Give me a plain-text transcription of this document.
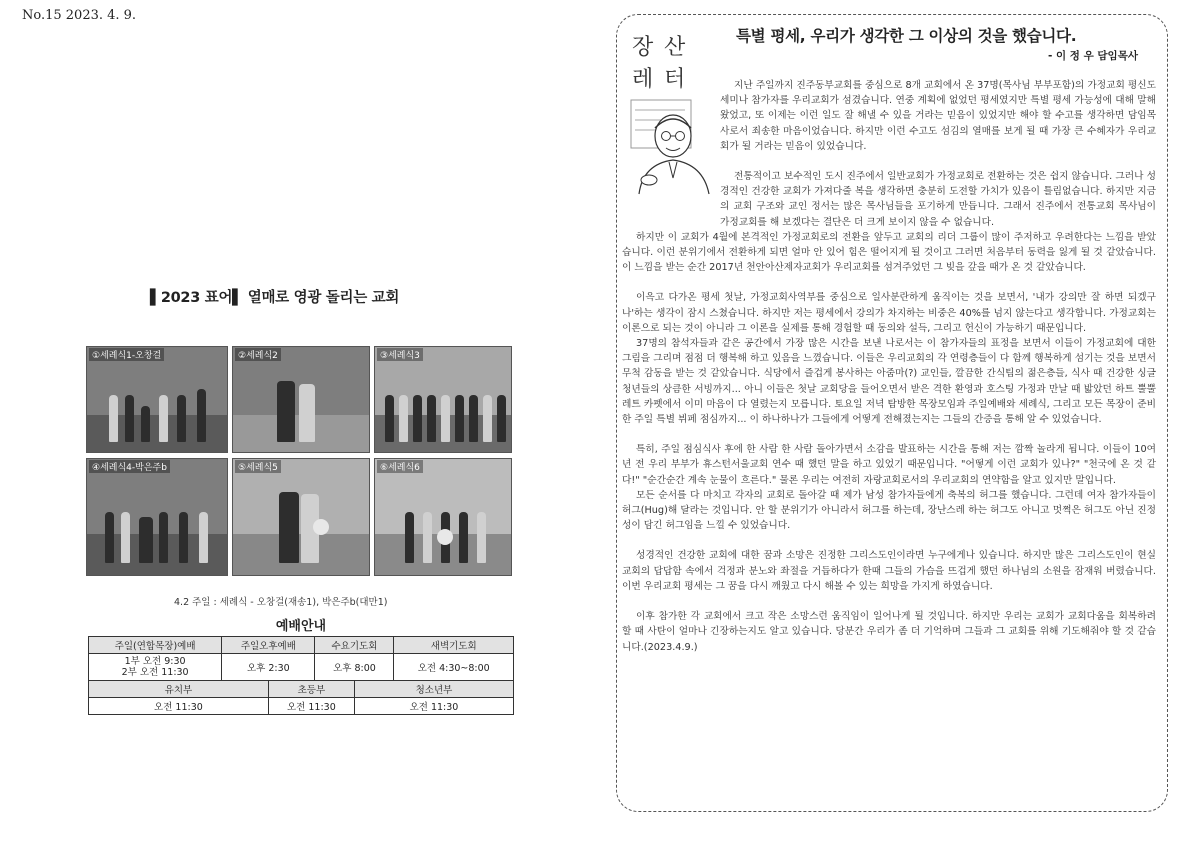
No.15 2023. 4. 9.
▌2023 표어▌ 열매로 영광 돌리는 교회
①세례식1-오창걸	②세례식2	③세례식3
④세례식4-박은주b	⑤세례식5	⑥세례식6
4.2 주일 : 세례식 - 오창걸(재송1), 박은주b(대만1)
예배안내					
주일(연합목장)예배	주일오후예배		수요기도회		새벽기도회
1부 오전 9:30
2부 오전 11:30	오후 2:30		오후 8:00		오전 4:30~8:00
유치부		초등부		청소년부	
오전 11:30		오전 11:30		오전 11:30	
장 산
레 터
특별 평세, 우리가 생각한 그 이상의 것을 했습니다.
- 이 정 우 담임목사

지난 주일까지 진주동부교회를 중심으로 8개 교회에서 온 37명(목사님 부부포함)의 가정교회 평신도세미나 참가자를 우리교회가 섬겼습니다. 연중 계획에 없었던 평세였지만 특별 평세 가능성에 대해 말해 왔었고, 또 이제는 이런 일도 잘 해낼 수 있을 거라는 믿음이 있었지만 해야 할 수고를 생각하면 담임목사로서 죄송한 마음이었습니다. 하지만 이런 수고도 섬김의 열매를 보게 될 때 가장 큰 수혜자가 우리교회가 될 거라는 믿음이 있었습니다.

전통적이고 보수적인 도시 진주에서 일반교회가 가정교회로 전환하는 것은 쉽지 않습니다. 그러나 성경적인 건강한 교회가 가져다줄 복을 생각하면 충분히 도전할 가치가 있음이 틀림없습니다. 하지만 지금의 교회 구조와 교인 정서는 많은 목사님들을 포기하게 만듭니다. 그래서 진주에서 전통교회 목사님이 가정교회를 해 보겠다는 결단은 더 크게 보이지 않을 수 없습니다.

하지만 이 교회가 4월에 본격적인 가정교회로의 전환을 앞두고 교회의 리더 그룹이 많이 주저하고 우려한다는 느낌을 받았습니다. 이런 분위기에서 전환하게 되면 얼마 안 있어 힘은 떨어지게 될 것이고 그러면 처음부터 동력을 잃게 될 것 같았습니다. 이 느낌을 받는 순간 2017년 천안아산제자교회가 우리교회를 섬겨주었던 그 빚을 갚을 때가 온 것 같았습니다.

이윽고 다가온 평세 첫날, 가정교회사역부를 중심으로 일사분란하게 움직이는 것을 보면서, '내가 강의만 잘 하면 되겠구나'하는 생각이 잠시 스쳤습니다. 하지만 저는 평세에서 강의가 차지하는 비중은 40%를 넘지 않는다고 생각합니다. 가정교회는 이론으로 되는 것이 아니라 그 이론을 실제를 통해 경험할 때 동의와 설득, 그리고 헌신이 가능하기 때문입니다.

37명의 참석자들과 같은 공간에서 가장 많은 시간을 보낸 나로서는 이 참가자들의 표정을 보면서 이들이 가정교회에 대한 그림을 그리며 점점 더 행복해 하고 있음을 느꼈습니다. 이들은 우리교회의 각 연령층들이 다 함께 행복하게 섬기는 것을 보면서 무척 감동을 받는 것 같았습니다. 식당에서 즐겁게 봉사하는 아줌마(?) 교인들, 깔끔한 간식팀의 젊은층들, 식사 때 건강한 싱글 청년들의 상큼한 서빙까지... 아니 이들은 첫날 교회당을 들어오면서 받은 격한 환영과 호스팅 가정과 만날 때 밟았던 하트 뿔뿔 레트 카펫에서 이미 마음이 다 열렸는지 모릅니다. 토요일 저녁 탐방한 목장모임과 주일예배와 세례식, 그리고 모든 목장이 준비한 주일 특별 뷔페 점심까지... 이 하나하나가 그들에게 어떻게 전해졌는지는 그들의 간증을 통해 알 수 있었습니다.

특히, 주일 점심식사 후에 한 사람 한 사람 돌아가면서 소감을 발표하는 시간을 통해 저는 깜짝 놀라게 됩니다. 이들이 10여 년 전 우리 부부가 휴스턴서울교회 연수 때 했던 말을 하고 있었기 때문입니다. "어떻게 이런 교회가 있나?" "천국에 온 것 같다!" "순간순간 계속 눈물이 흐른다." 물론 우리는 여전히 자랑교회로서의 우리교회의 연약함을 알고 있지만 말입니다.

모든 순서를 다 마치고 각자의 교회로 돌아갈 때 제가 남성 참가자들에게 축복의 허그를 했습니다. 그런데 여자 참가자들이 허그(Hug)해 달라는 것입니다. 안 할 분위기가 아니라서 허그를 하는데, 장난스레 하는 허그도 아니고 멋쩍은 허그도 아닌 진정성이 담긴 허그임을 느낄 수 있었습니다.

성경적인 건강한 교회에 대한 꿈과 소망은 진정한 그리스도인이라면 누구에게나 있습니다. 하지만 많은 그리스도인이 현실 교회의 답답함 속에서 걱정과 분노와 좌절을 거듭하다가 한때 그들의 가슴을 뜨겁게 했던 하나님의 소원을 잠재워 버렸습니다. 이번 우리교회 평세는 그 꿈을 다시 깨웠고 다시 해볼 수 있는 희망을 가지게 하였습니다.

이후 참가한 각 교회에서 크고 작은 소망스런 움직임이 일어나게 될 것입니다. 하지만 우리는 교회가 교회다움을 회복하려 할 때 사탄이 얼마나 긴장하는지도 알고 있습니다. 당분간 우리가 좀 더 기억하며 그들과 그 교회를 위해 기도해줘야 할 것 같습니다.(2023.4.9.)
